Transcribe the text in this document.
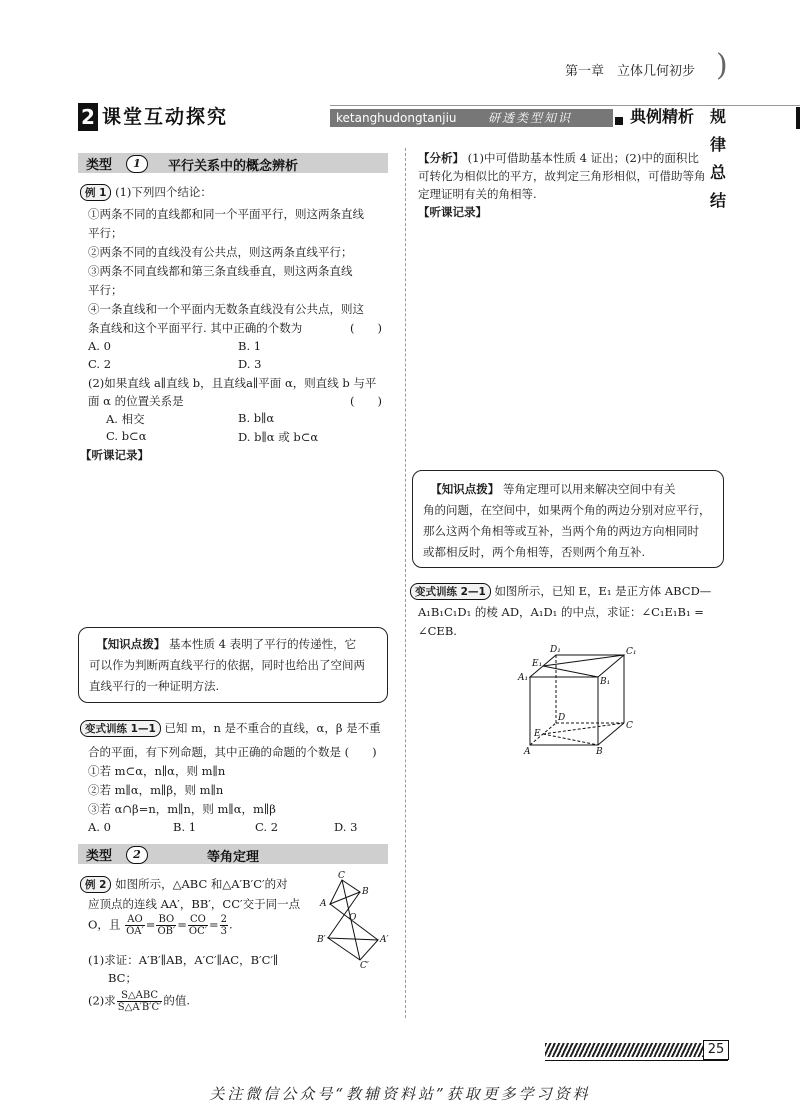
第一章　立体几何初步 )
2 课堂互动探究	ketanghudongtanjiu	研透类型知识	典例精析 规律总结
类型	1	平行关系中的概念辨析
例 1 (1)下列四个结论：
①两条不同的直线都和同一个平面平行，则这两条直线
平行；
②两条不同的直线没有公共点，则这两条直线平行；
③两条不同直线都和第三条直线垂直，则这两条直线
平行；
④一条直线和一个平面内无数条直线没有公共点，则这
条直线和这个平面平行. 其中正确的个数为	(　　)
A. 0	B. 1
C. 2	D. 3
(2)如果直线 a∥直线 b，且直线a∥平面 α，则直线 b 与平
面 α 的位置关系是	(　　)
A. 相交	B. b∥α
C. b⊂α	D. b∥α 或 b⊂α
【听课记录】

【知识点拨】 基本性质 4 表明了平行的传递性，它

可以作为判断两直线平行的依据，同时也给出了空间两

直线平行的一种证明方法.

变式训练 1—1 已知 m，n 是不重合的直线，α，β 是不重
合的平面，有下列命题，其中正确的命题的个数是 (　　)
①若 m⊂α，n∥α，则 m∥n
②若 m∥α，m∥β，则 m∥n
③若 α∩β=n，m∥n，则 m∥α，m∥β
A. 0	B. 1	C. 2	D. 3
类型	2	等角定理
例 2 如图所示，△ABC 和△A′B′C′的对
应顶点的连线 AA′，BB′，CC′交于同一点
O，且 $\frac{AO}{OA'} = \frac{BO}{OB'} = \frac{CO}{OC'} = \frac{2}{3}$ .
(1)求证：A′B′∥AB，A′C′∥AC，B′C′∥
BC；
(2)求 $\frac{\text{S△ABC}}{S\triangle A'B'C'}$ 的值.
C
B
A
O
B′	A′
C′
【分析】 (1)中可借助基本性质 4 证出；(2)中的面积比
可转化为相似比的平方，故判定三角形相似，可借助等角
定理证明有关的角相等.
【听课记录】

【知识点拨】 等角定理可以用来解决空间中有关

角的问题，在空间中，如果两个角的两边分别对应平行，

那么这两个角相等或互补，当两个角的两边方向相同时

或都相反时，两个角相等，否则两个角互补.

变式训练 2—1 如图所示，已知 E，E₁ 是正方体 ABCD—
A₁B₁C₁D₁ 的棱 AD，A₁D₁ 的中点，求证：∠C₁E₁B₁ =
∠CEB.
D₁	C₁
E₁
A₁	B₁
D
C
E
A	B
25
关注微信公众号“教辅资料站”获取更多学习资料
